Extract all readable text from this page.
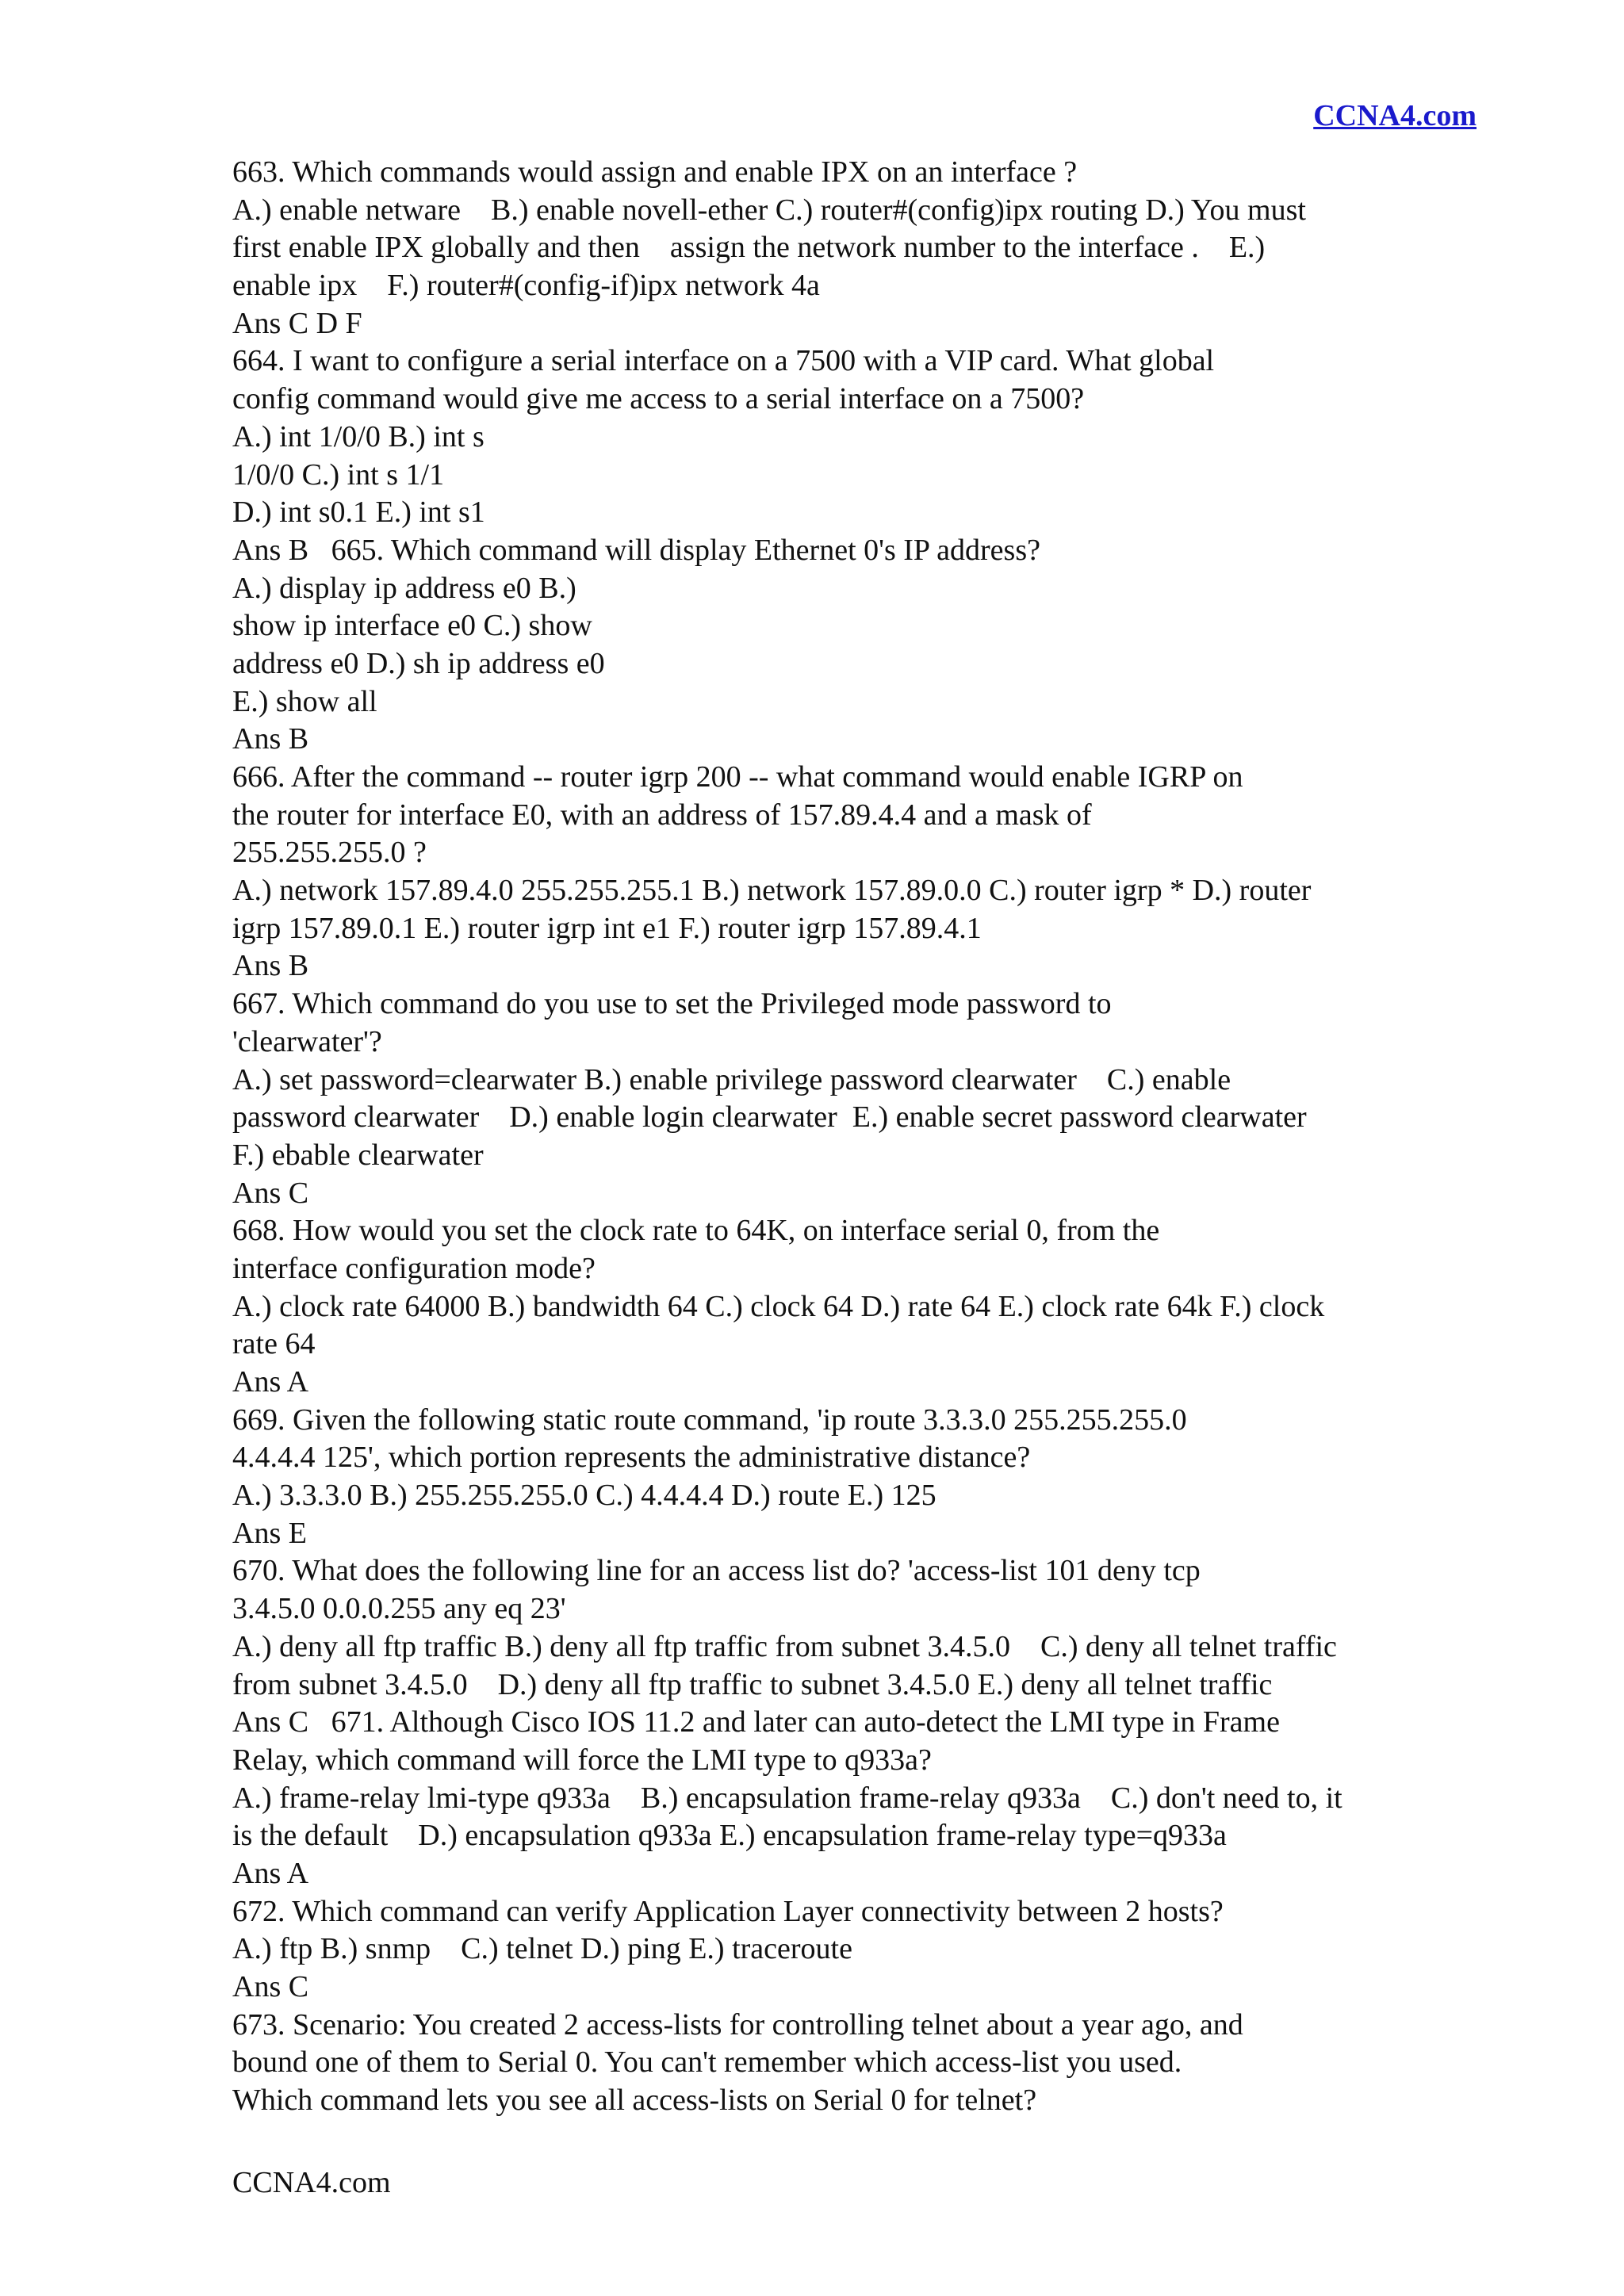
CCNA4.com
663. Which commands would assign and enable IPX on an interface ?
A.) enable netware    B.) enable novell-ether C.) router#(config)ipx routing D.) You must
first enable IPX globally and then    assign the network number to the interface .    E.)
enable ipx    F.) router#(config-if)ipx network 4a
Ans C D F
664. I want to configure a serial interface on a 7500 with a VIP card. What global
config command would give me access to a serial interface on a 7500?
A.) int 1/0/0 B.) int s
1/0/0 C.) int s 1/1
D.) int s0.1 E.) int s1
Ans B   665. Which command will display Ethernet 0's IP address?
A.) display ip address e0 B.)
show ip interface e0 C.) show
address e0 D.) sh ip address e0
E.) show all
Ans B
666. After the command -- router igrp 200 -- what command would enable IGRP on
the router for interface E0, with an address of 157.89.4.4 and a mask of
255.255.255.0 ?
A.) network 157.89.4.0 255.255.255.1 B.) network 157.89.0.0 C.) router igrp * D.) router
igrp 157.89.0.1 E.) router igrp int e1 F.) router igrp 157.89.4.1
Ans B
667. Which command do you use to set the Privileged mode password to
'clearwater'?
A.) set password=clearwater B.) enable privilege password clearwater    C.) enable
password clearwater    D.) enable login clearwater  E.) enable secret password clearwater
F.) ebable clearwater
Ans C
668. How would you set the clock rate to 64K, on interface serial 0, from the
interface configuration mode?
A.) clock rate 64000 B.) bandwidth 64 C.) clock 64 D.) rate 64 E.) clock rate 64k F.) clock
rate 64
Ans A
669. Given the following static route command, 'ip route 3.3.3.0 255.255.255.0
4.4.4.4 125', which portion represents the administrative distance?
A.) 3.3.3.0 B.) 255.255.255.0 C.) 4.4.4.4 D.) route E.) 125
Ans E
670. What does the following line for an access list do? 'access-list 101 deny tcp
3.4.5.0 0.0.0.255 any eq 23'
A.) deny all ftp traffic B.) deny all ftp traffic from subnet 3.4.5.0    C.) deny all telnet traffic
from subnet 3.4.5.0    D.) deny all ftp traffic to subnet 3.4.5.0 E.) deny all telnet traffic
Ans C   671. Although Cisco IOS 11.2 and later can auto-detect the LMI type in Frame
Relay, which command will force the LMI type to q933a?
A.) frame-relay lmi-type q933a    B.) encapsulation frame-relay q933a    C.) don't need to, it
is the default    D.) encapsulation q933a E.) encapsulation frame-relay type=q933a
Ans A
672. Which command can verify Application Layer connectivity between 2 hosts?
A.) ftp B.) snmp    C.) telnet D.) ping E.) traceroute
Ans C
673. Scenario: You created 2 access-lists for controlling telnet about a year ago, and
bound one of them to Serial 0. You can't remember which access-list you used.
Which command lets you see all access-lists on Serial 0 for telnet?
CCNA4.com
